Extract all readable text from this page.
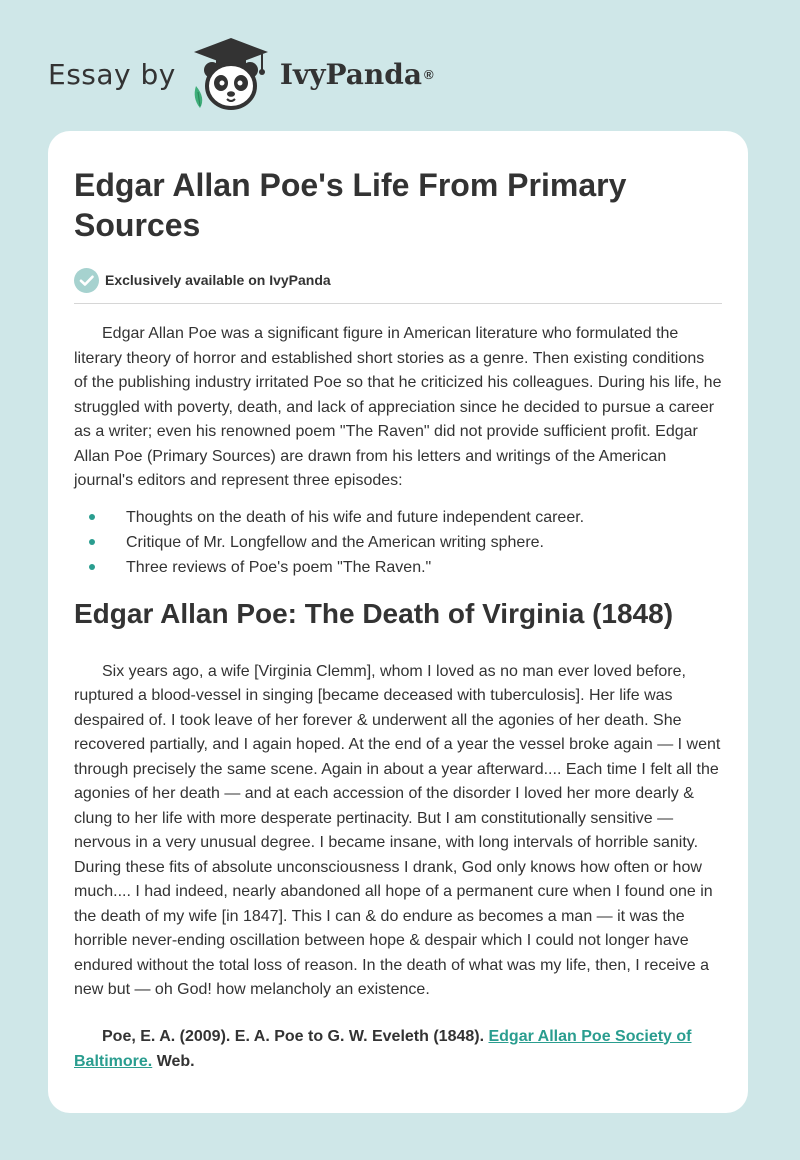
Essay by	IvyPanda ®
Edgar Allan Poe's Life From Primary Sources
Exclusively available on IvyPanda

Edgar Allan Poe was a significant figure in American literature who formulated the literary theory of horror and established short stories as a genre. Then existing conditions of the publishing industry irritated Poe so that he criticized his colleagues. During his life, he struggled with poverty, death, and lack of appreciation since he decided to pursue a career as a writer; even his renowned poem "The Raven" did not provide sufficient profit. Edgar Allan Poe (Primary Sources) are drawn from his letters and writings of the American journal's editors and represent three episodes:

Thoughts on the death of his wife and future independent career.
Critique of Mr. Longfellow and the American writing sphere.
Three reviews of Poe's poem "The Raven."
Edgar Allan Poe: The Death of Virginia (1848)

Six years ago, a wife [Virginia Clemm], whom I loved as no man ever loved before, ruptured a blood-vessel in singing [became deceased with tuberculosis]. Her life was despaired of. I took leave of her forever & underwent all the agonies of her death. She recovered partially, and I again hoped. At the end of a year the vessel broke again — I went through precisely the same scene. Again in about a year afterward.... Each time I felt all the agonies of her death — and at each accession of the disorder I loved her more dearly & clung to her life with more desperate pertinacity. But I am constitutionally sensitive — nervous in a very unusual degree. I became insane, with long intervals of horrible sanity. During these fits of absolute unconsciousness I drank, God only knows how often or how much.... I had indeed, nearly abandoned all hope of a permanent cure when I found one in the death of my wife [in 1847]. This I can & do endure as becomes a man — it was the horrible never-ending oscillation between hope & despair which I could not longer have endured without the total loss of reason. In the death of what was my life, then, I receive a new but — oh God! how melancholy an existence.

Poe, E. A. (2009). E. A. Poe to G. W. Eveleth (1848). Edgar Allan Poe Society of Baltimore. Web.
